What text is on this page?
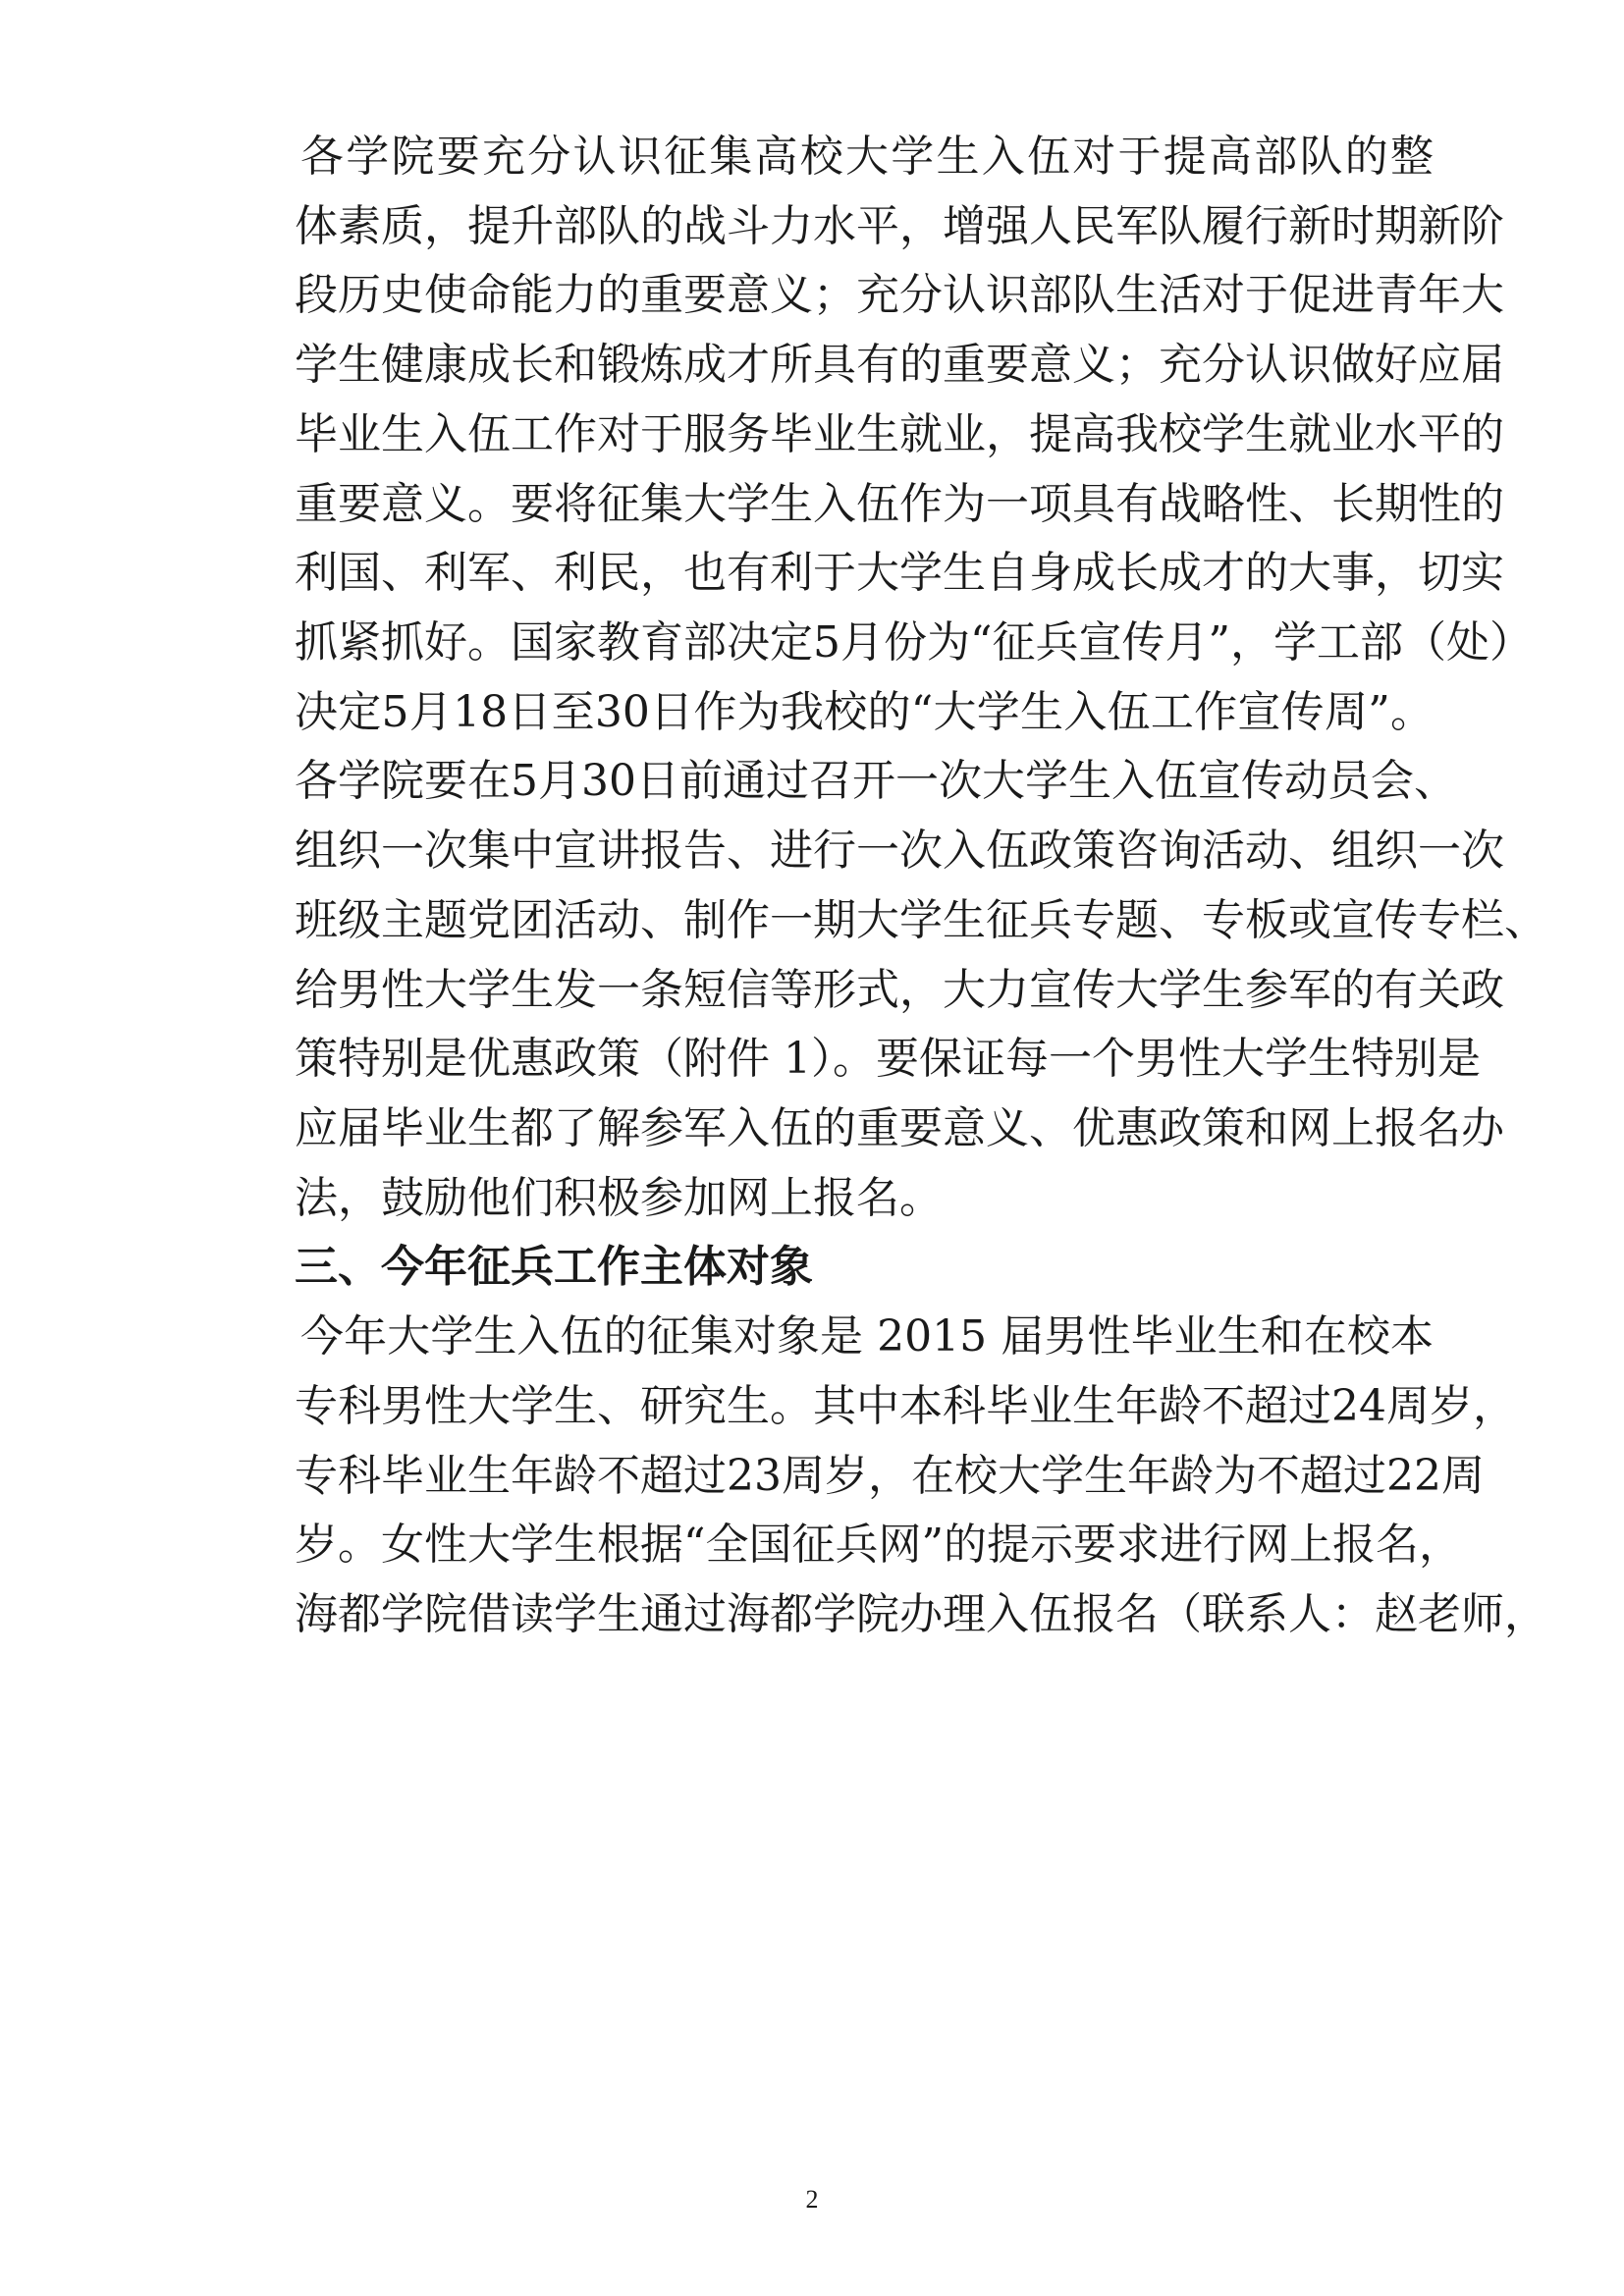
各学院要充分认识征集高校大学生入伍对于提高部队的整
体素质，提升部队的战斗力水平，增强人民军队履行新时期新阶
段历史使命能力的重要意义；充分认识部队生活对于促进青年大
学生健康成长和锻炼成才所具有的重要意义；充分认识做好应届
毕业生入伍工作对于服务毕业生就业，提高我校学生就业水平的
重要意义。要将征集大学生入伍作为一项具有战略性、长期性的
利国、利军、利民，也有利于大学生自身成长成才的大事，切实
抓紧抓好。国家教育部决定5月份为“征兵宣传月”，学工部（处）
决定5月18日至30日作为我校的“大学生入伍工作宣传周”。
各学院要在5月30日前通过召开一次大学生入伍宣传动员会、
组织一次集中宣讲报告、进行一次入伍政策咨询活动、组织一次
班级主题党团活动、制作一期大学生征兵专题、专板或宣传专栏、
给男性大学生发一条短信等形式，大力宣传大学生参军的有关政
策特别是优惠政策（附件 1）。要保证每一个男性大学生特别是
应届毕业生都了解参军入伍的重要意义、优惠政策和网上报名办
法，鼓励他们积极参加网上报名。
三、今年征兵工作主体对象
今年大学生入伍的征集对象是 2015 届男性毕业生和在校本
专科男性大学生、研究生。其中本科毕业生年龄不超过24周岁，
专科毕业生年龄不超过23周岁，在校大学生年龄为不超过22周
岁。女性大学生根据“全国征兵网”的提示要求进行网上报名，
海都学院借读学生通过海都学院办理入伍报名（联系人：赵老师，
2
